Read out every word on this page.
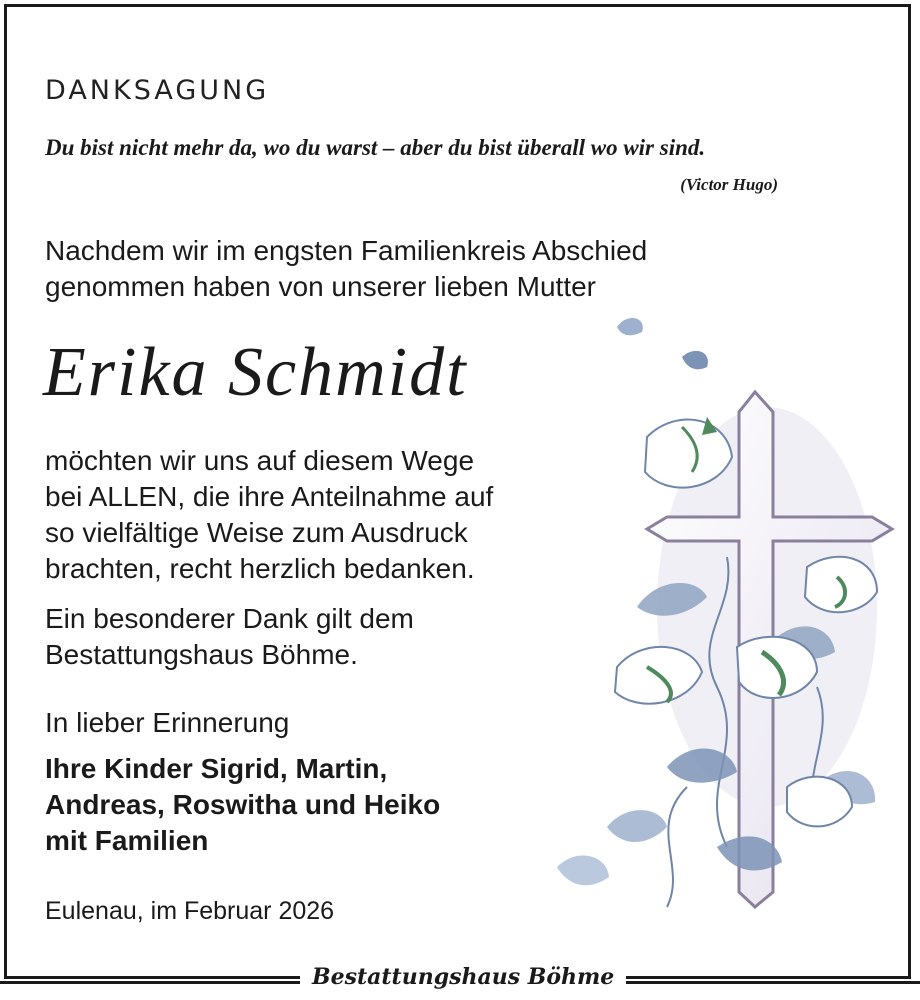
DANKSAGUNG
Du bist nicht mehr da, wo du warst – aber du bist überall wo wir sind.
(Victor Hugo)
Nachdem wir im engsten Familienkreis Abschied
genommen haben von unserer lieben Mutter
Erika Schmidt
möchten wir uns auf diesem Wege
bei ALLEN, die ihre Anteilnahme auf
so vielfältige Weise zum Ausdruck
brachten, recht herzlich bedanken.
Ein besonderer Dank gilt dem
Bestattungshaus Böhme.
In lieber Erinnerung
Ihre Kinder Sigrid, Martin,
Andreas, Roswitha und Heiko
mit Familien
Eulenau, im Februar 2026
Bestattungshaus Böhme
